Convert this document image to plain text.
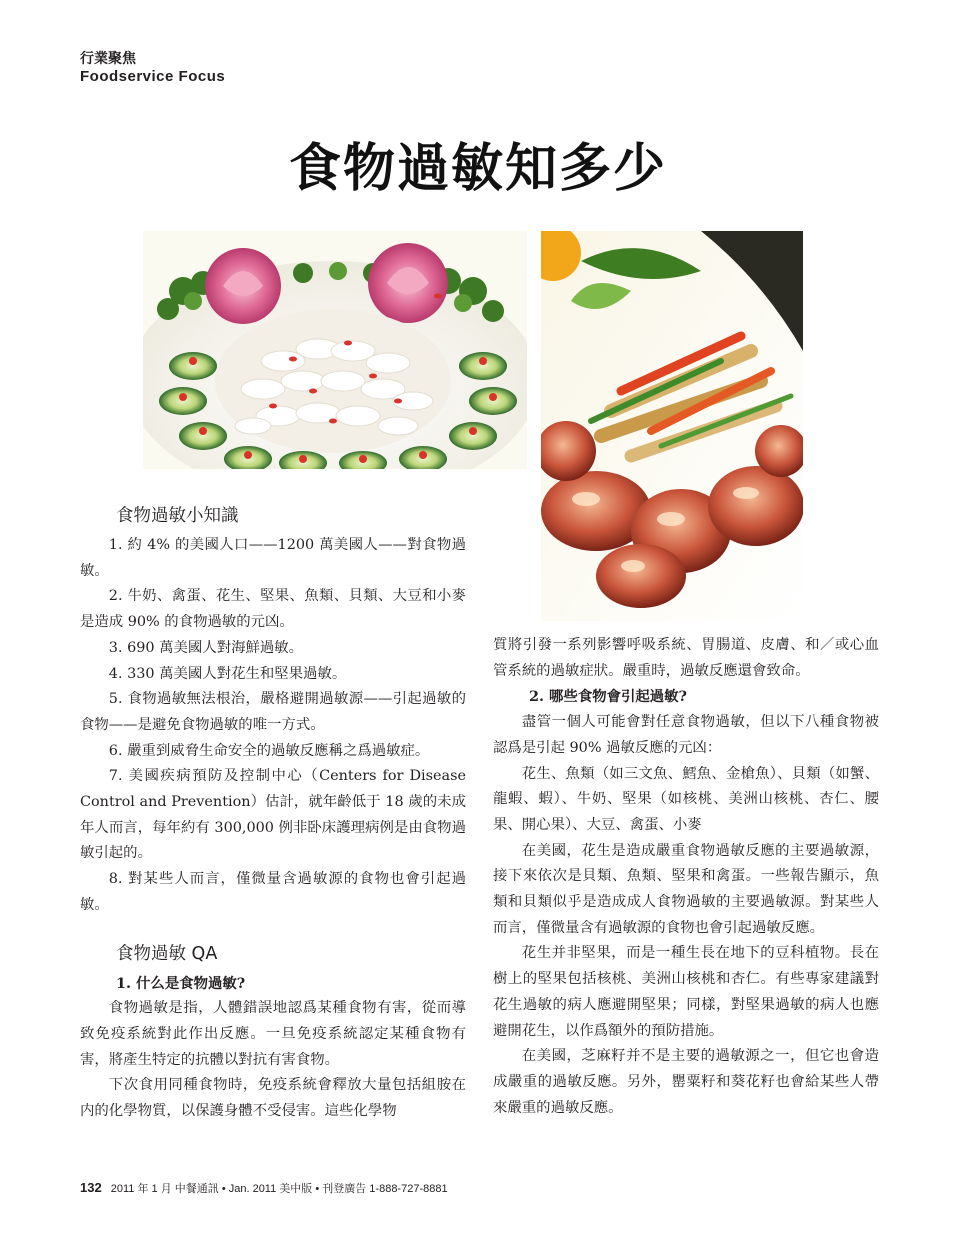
行業聚焦
Foodservice Focus
食物過敏知多少
食物過敏小知識

1. 約 4% 的美國人口——1200 萬美國人——對食物過敏。

2. 牛奶、禽蛋、花生、堅果、魚類、貝類、大豆和小麥是造成 90% 的食物過敏的元凶。

3. 690 萬美國人對海鮮過敏。

4. 330 萬美國人對花生和堅果過敏。

5. 食物過敏無法根治，嚴格避開過敏源——引起過敏的食物——是避免食物過敏的唯一方式。

6. 嚴重到威脅生命安全的過敏反應稱之爲過敏症。

7. 美國疾病預防及控制中心（Centers for Disease Control and Prevention）估計，就年齡低于 18 歲的未成年人而言，每年約有 300,000 例非卧床護理病例是由食物過敏引起的。

8. 對某些人而言，僅微量含過敏源的食物也會引起過敏。

食物過敏 QA
1. 什么是食物過敏?

食物過敏是指，人體錯誤地認爲某種食物有害，從而導致免疫系統對此作出反應。一旦免疫系統認定某種食物有害，將產生特定的抗體以對抗有害食物。

下次食用同種食物時，免疫系統會釋放大量包括組胺在内的化學物質，以保護身體不受侵害。這些化學物

質將引發一系列影響呼吸系統、胃腸道、皮膚、和／或心血管系統的過敏症狀。嚴重時，過敏反應還會致命。

2. 哪些食物會引起過敏?

盡管一個人可能會對任意食物過敏，但以下八種食物被認爲是引起 90% 過敏反應的元凶：

花生、魚類（如三文魚、鱈魚、金槍魚）、貝類（如蟹、龍蝦、蝦）、牛奶、堅果（如核桃、美洲山核桃、杏仁、腰果、開心果）、大豆、禽蛋、小麥

在美國，花生是造成嚴重食物過敏反應的主要過敏源，接下來依次是貝類、魚類、堅果和禽蛋。一些報告顯示，魚類和貝類似乎是造成成人食物過敏的主要過敏源。對某些人而言，僅微量含有過敏源的食物也會引起過敏反應。

花生并非堅果，而是一種生長在地下的豆科植物。長在樹上的堅果包括核桃、美洲山核桃和杏仁。有些專家建議對花生過敏的病人應避開堅果；同樣，對堅果過敏的病人也應避開花生，以作爲額外的預防措施。

在美國，芝麻籽并不是主要的過敏源之一，但它也會造成嚴重的過敏反應。另外，罌粟籽和葵花籽也會給某些人帶來嚴重的過敏反應。

132 2011 年 1 月 中餐通訊 • Jan. 2011 美中版 • 刊登廣告 1-888-727-8881
